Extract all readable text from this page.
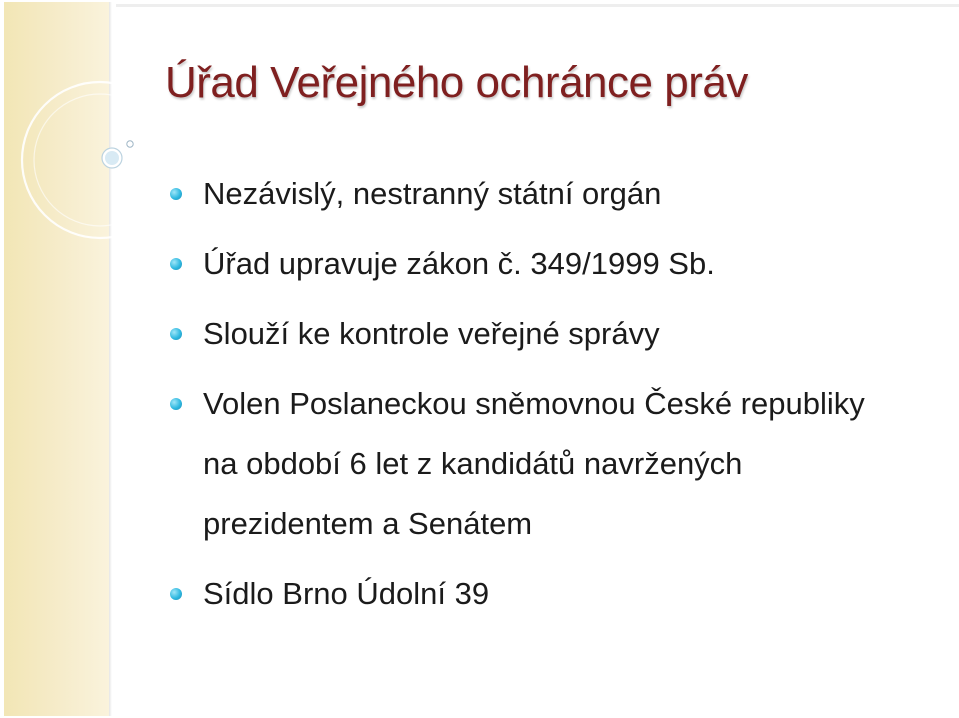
Úřad Veřejného ochránce práv
Nezávislý, nestranný státní orgán
Úřad upravuje zákon č. 349/1999 Sb.
Slouží ke kontrole veřejné správy
Volen Poslaneckou sněmovnou České republiky na období 6 let z kandidátů navržených prezidentem a Senátem
Sídlo Brno Údolní 39
